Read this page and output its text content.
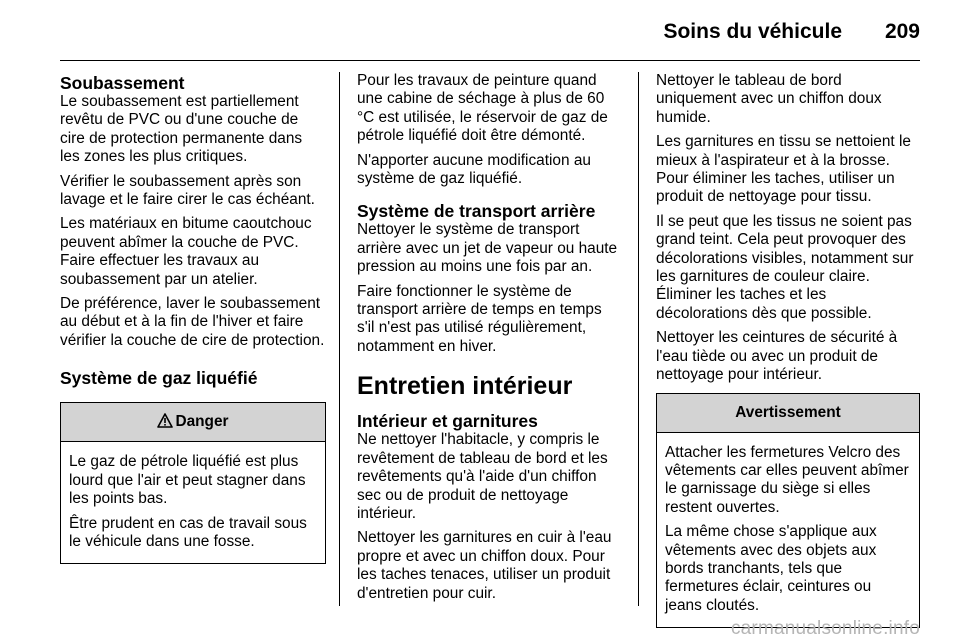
Soins du véhicule 209
Soubassement

Le soubassement est partiellement revêtu de PVC ou d'une couche de cire de protection permanente dans les zones les plus critiques.

Vérifier le soubassement après son lavage et le faire cirer le cas échéant.

Les matériaux en bitume caoutchouc peuvent abîmer la couche de PVC. Faire effectuer les travaux au soubassement par un atelier.

De préférence, laver le soubassement au début et à la fin de l'hiver et faire vérifier la couche de cire de protection.

Système de gaz liquéfié
Danger

Le gaz de pétrole liquéfié est plus lourd que l'air et peut stagner dans les points bas.

Être prudent en cas de travail sous le véhicule dans une fosse.

Pour les travaux de peinture quand une cabine de séchage à plus de 60 °C est utilisée, le réservoir de gaz de pétrole liquéfié doit être démonté.

N'apporter aucune modification au système de gaz liquéfié.

Système de transport arrière

Nettoyer le système de transport arrière avec un jet de vapeur ou haute pression au moins une fois par an.

Faire fonctionner le système de transport arrière de temps en temps s'il n'est pas utilisé régulièrement, notamment en hiver.

Entretien intérieur
Intérieur et garnitures

Ne nettoyer l'habitacle, y compris le revêtement de tableau de bord et les revêtements qu'à l'aide d'un chiffon sec ou de produit de nettoyage intérieur.

Nettoyer les garnitures en cuir à l'eau propre et avec un chiffon doux. Pour les taches tenaces, utiliser un produit d'entretien pour cuir.

Nettoyer le tableau de bord uniquement avec un chiffon doux humide.

Les garnitures en tissu se nettoient le mieux à l'aspirateur et à la brosse. Pour éliminer les taches, utiliser un produit de nettoyage pour tissu.

Il se peut que les tissus ne soient pas grand teint. Cela peut provoquer des décolorations visibles, notamment sur les garnitures de couleur claire. Éliminer les taches et les décolorations dès que possible.

Nettoyer les ceintures de sécurité à l'eau tiède ou avec un produit de nettoyage pour intérieur.

Avertissement

Attacher les fermetures Velcro des vêtements car elles peuvent abîmer le garnissage du siège si elles restent ouvertes.

La même chose s'applique aux vêtements avec des objets aux bords tranchants, tels que fermetures éclair, ceintures ou jeans cloutés.

carmanualsonline.info
